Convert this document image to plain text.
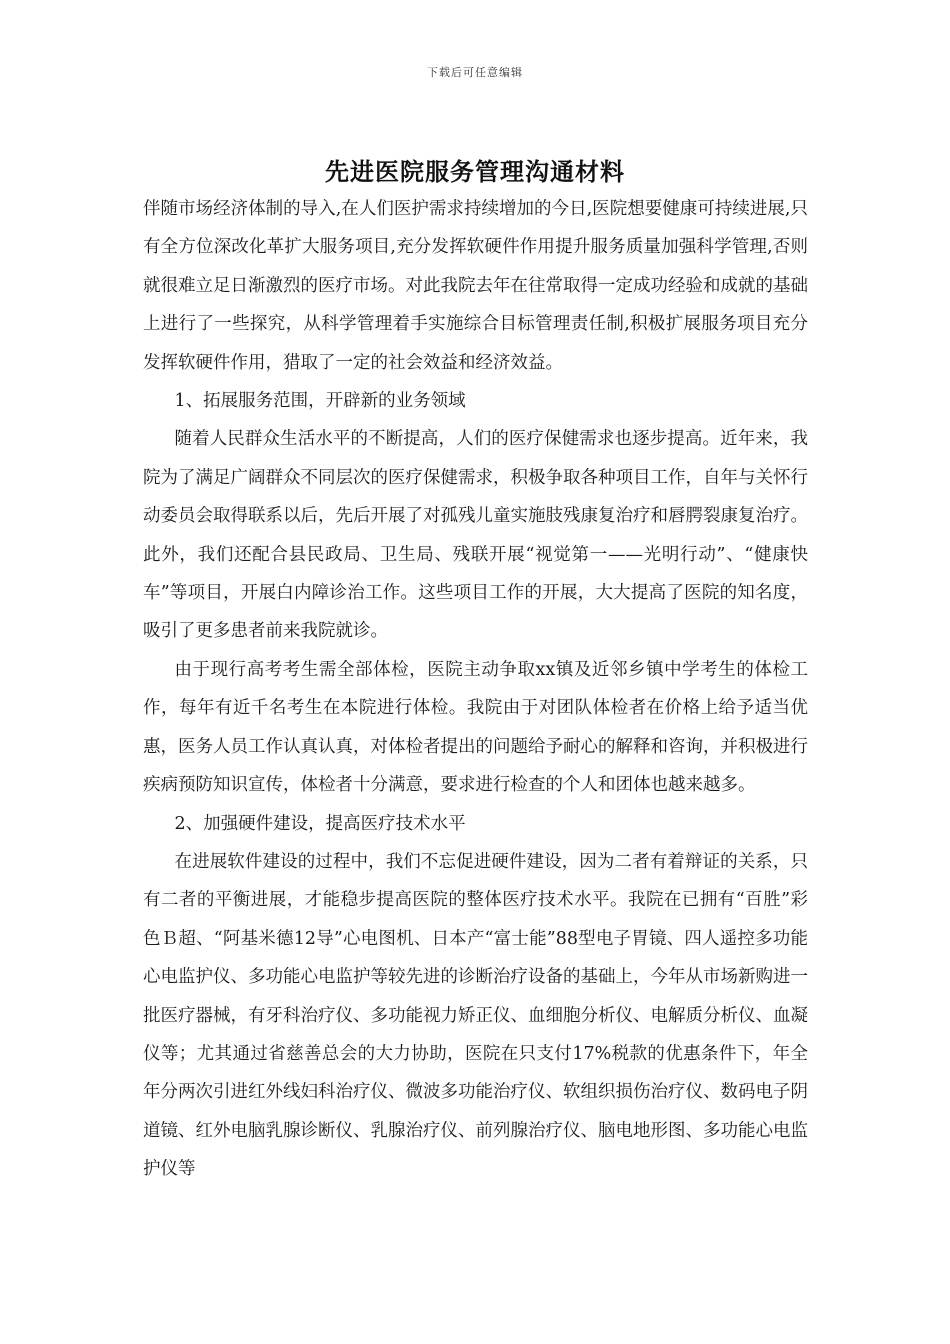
下载后可任意编辑
先进医院服务管理沟通材料

伴随市场经济体制的导入,在人们医护需求持续增加的今日,医院想要健康可持续进展,只有全方位深改化革扩大服务项目,充分发挥软硬件作用提升服务质量加强科学管理,否则就很难立足日渐激烈的医疗市场。对此我院去年在往常取得一定成功经验和成就的基础上进行了一些探究，从科学管理着手实施综合目标管理责任制,积极扩展服务项目充分发挥软硬件作用，猎取了一定的社会效益和经济效益。

1、拓展服务范围，开辟新的业务领域

随着人民群众生活水平的不断提高，人们的医疗保健需求也逐步提高。近年来，我院为了满足广阔群众不同层次的医疗保健需求，积极争取各种项目工作，自年与关怀行动委员会取得联系以后，先后开展了对孤残儿童实施肢残康复治疗和唇腭裂康复治疗。此外，我们还配合县民政局、卫生局、残联开展“视觉第一——光明行动”、“健康快车”等项目，开展白内障诊治工作。这些项目工作的开展，大大提高了医院的知名度，吸引了更多患者前来我院就诊。

由于现行高考考生需全部体检，医院主动争取xx镇及近邻乡镇中学考生的体检工作，每年有近千名考生在本院进行体检。我院由于对团队体检者在价格上给予适当优惠，医务人员工作认真认真，对体检者提出的问题给予耐心的解释和咨询，并积极进行疾病预防知识宣传，体检者十分满意，要求进行检查的个人和团体也越来越多。

2、加强硬件建设，提高医疗技术水平

在进展软件建设的过程中，我们不忘促进硬件建设，因为二者有着辩证的关系，只有二者的平衡进展，才能稳步提高医院的整体医疗技术水平。我院在已拥有“百胜”彩色Ｂ超、“阿基米德12导”心电图机、日本产“富士能”88型电子胃镜、四人遥控多功能心电监护仪、多功能心电监护等较先进的诊断治疗设备的基础上，今年从市场新购进一批医疗器械，有牙科治疗仪、多功能视力矫正仪、血细胞分析仪、电解质分析仪、血凝仪等；尤其通过省慈善总会的大力协助，医院在只支付17%税款的优惠条件下，年全年分两次引进红外线妇科治疗仪、微波多功能治疗仪、软组织损伤治疗仪、数码电子阴道镜、红外电脑乳腺诊断仪、乳腺治疗仪、前列腺治疗仪、脑电地形图、多功能心电监护仪等
